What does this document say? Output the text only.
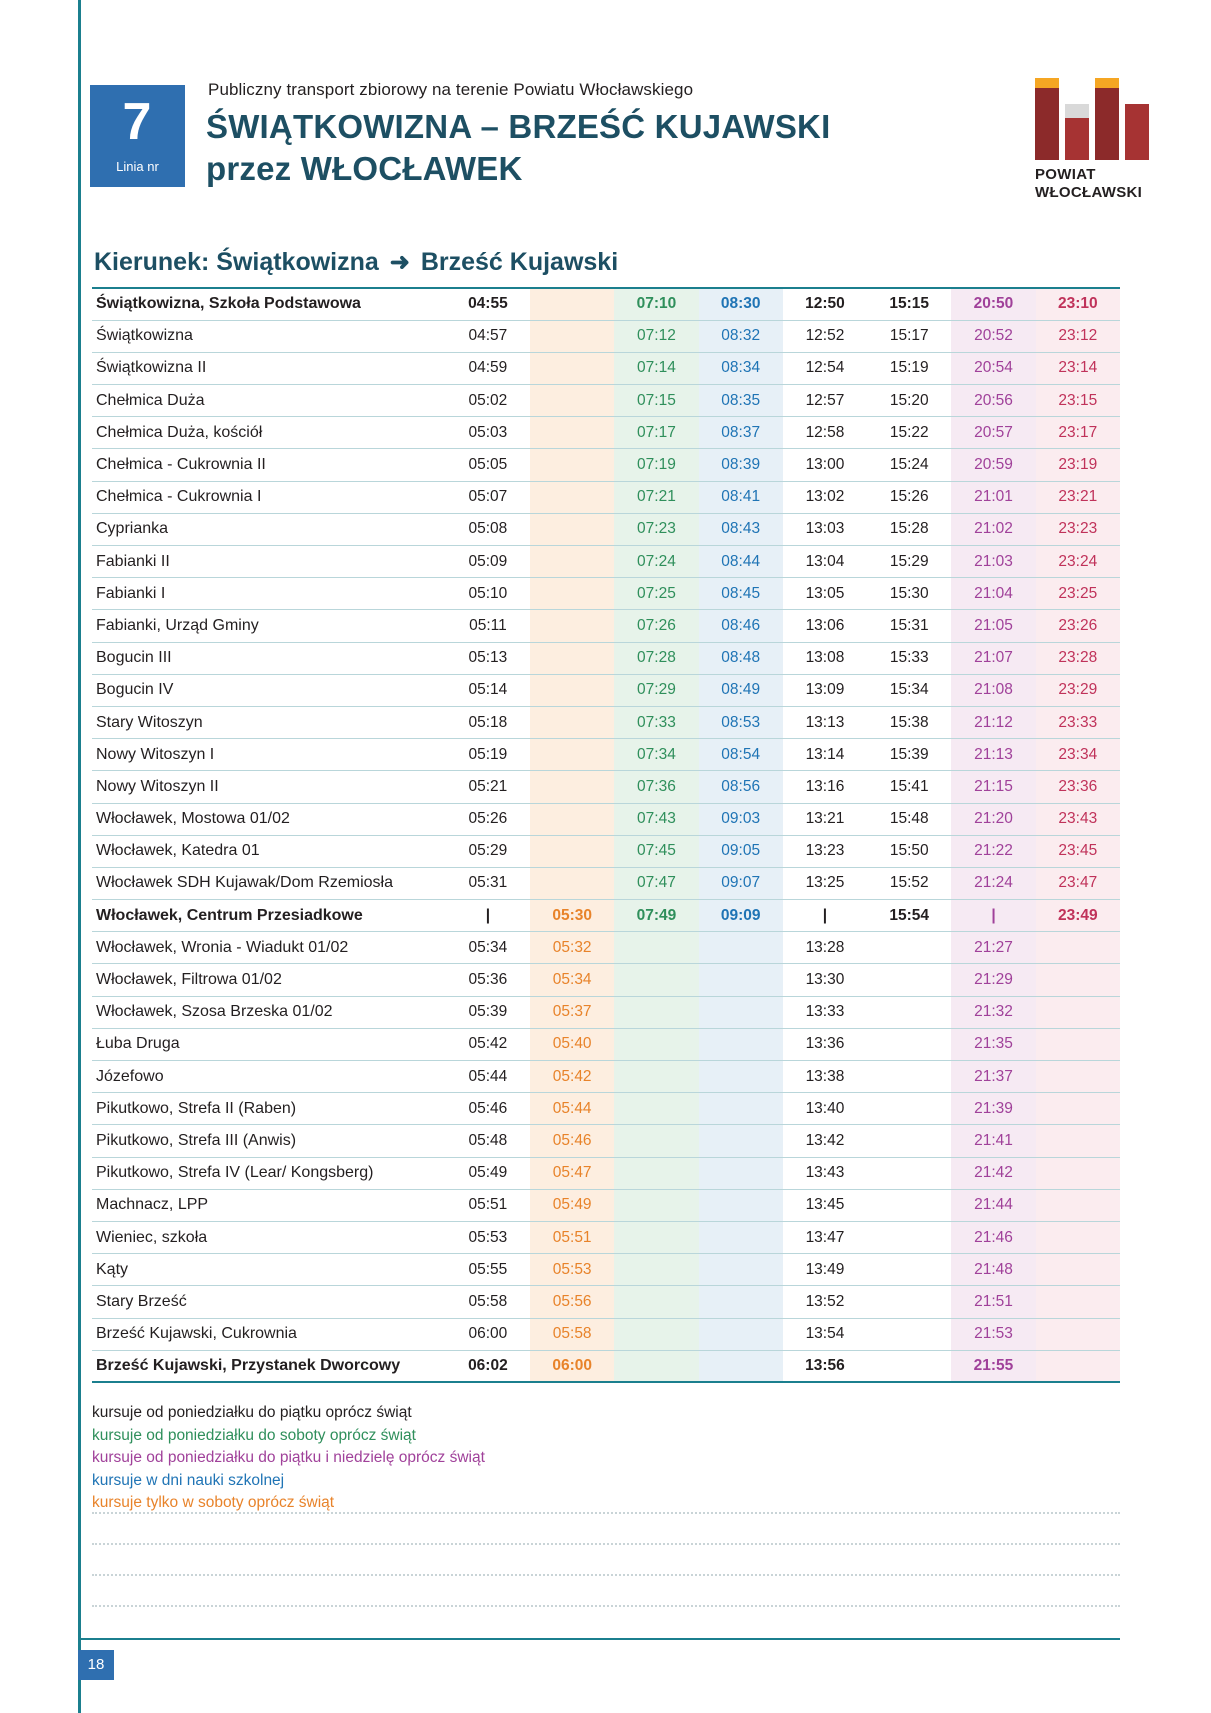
7
Linia nr
Publiczny transport zbiorowy na terenie Powiatu Włocławskiego
ŚWIĄTKOWIZNA – BRZEŚĆ KUJAWSKI
przez WŁOCŁAWEK	POWIAT
WŁOCŁAWSKI
Kierunek: Świątkowizna ➜ Brześć Kujawski
Świątkowizna, Szkoła Podstawowa	04:55		07:10	08:30	12:50	15:15	20:50	23:10
Świątkowizna	04:57		07:12	08:32	12:52	15:17	20:52	23:12
Świątkowizna II	04:59		07:14	08:34	12:54	15:19	20:54	23:14
Chełmica Duża	05:02		07:15	08:35	12:57	15:20	20:56	23:15
Chełmica Duża, kościół	05:03		07:17	08:37	12:58	15:22	20:57	23:17
Chełmica - Cukrownia II	05:05		07:19	08:39	13:00	15:24	20:59	23:19
Chełmica - Cukrownia I	05:07		07:21	08:41	13:02	15:26	21:01	23:21
Cyprianka	05:08		07:23	08:43	13:03	15:28	21:02	23:23
Fabianki II	05:09		07:24	08:44	13:04	15:29	21:03	23:24
Fabianki I	05:10		07:25	08:45	13:05	15:30	21:04	23:25
Fabianki, Urząd Gminy	05:11		07:26	08:46	13:06	15:31	21:05	23:26
Bogucin III	05:13		07:28	08:48	13:08	15:33	21:07	23:28
Bogucin IV	05:14		07:29	08:49	13:09	15:34	21:08	23:29
Stary Witoszyn	05:18		07:33	08:53	13:13	15:38	21:12	23:33
Nowy Witoszyn I	05:19		07:34	08:54	13:14	15:39	21:13	23:34
Nowy Witoszyn II	05:21		07:36	08:56	13:16	15:41	21:15	23:36
Włocławek, Mostowa 01/02	05:26		07:43	09:03	13:21	15:48	21:20	23:43
Włocławek, Katedra 01	05:29		07:45	09:05	13:23	15:50	21:22	23:45
Włocławek SDH Kujawak/Dom Rzemiosła	05:31		07:47	09:07	13:25	15:52	21:24	23:47
Włocławek, Centrum Przesiadkowe	|	05:30	07:49	09:09	|	15:54	|	23:49
Włocławek, Wronia - Wiadukt 01/02	05:34	05:32			13:28		21:27	
Włocławek, Filtrowa 01/02	05:36	05:34			13:30		21:29	
Włocławek, Szosa Brzeska 01/02	05:39	05:37			13:33		21:32	
Łuba Druga	05:42	05:40			13:36		21:35	
Józefowo	05:44	05:42			13:38		21:37	
Pikutkowo, Strefa II (Raben)	05:46	05:44			13:40		21:39	
Pikutkowo, Strefa III (Anwis)	05:48	05:46			13:42		21:41	
Pikutkowo, Strefa IV (Lear/ Kongsberg)	05:49	05:47			13:43		21:42	
Machnacz, LPP	05:51	05:49			13:45		21:44	
Wieniec, szkoła	05:53	05:51			13:47		21:46	
Kąty	05:55	05:53			13:49		21:48	
Stary Brześć	05:58	05:56			13:52		21:51	
Brześć Kujawski, Cukrownia	06:00	05:58			13:54		21:53	
Brześć Kujawski, Przystanek Dworcowy	06:02	06:00			13:56		21:55	
kursuje od poniedziałku do piątku oprócz świąt
kursuje od poniedziałku do soboty oprócz świąt
kursuje od poniedziałku do piątku i niedzielę oprócz świąt
kursuje w dni nauki szkolnej
kursuje tylko w soboty oprócz świąt
18
